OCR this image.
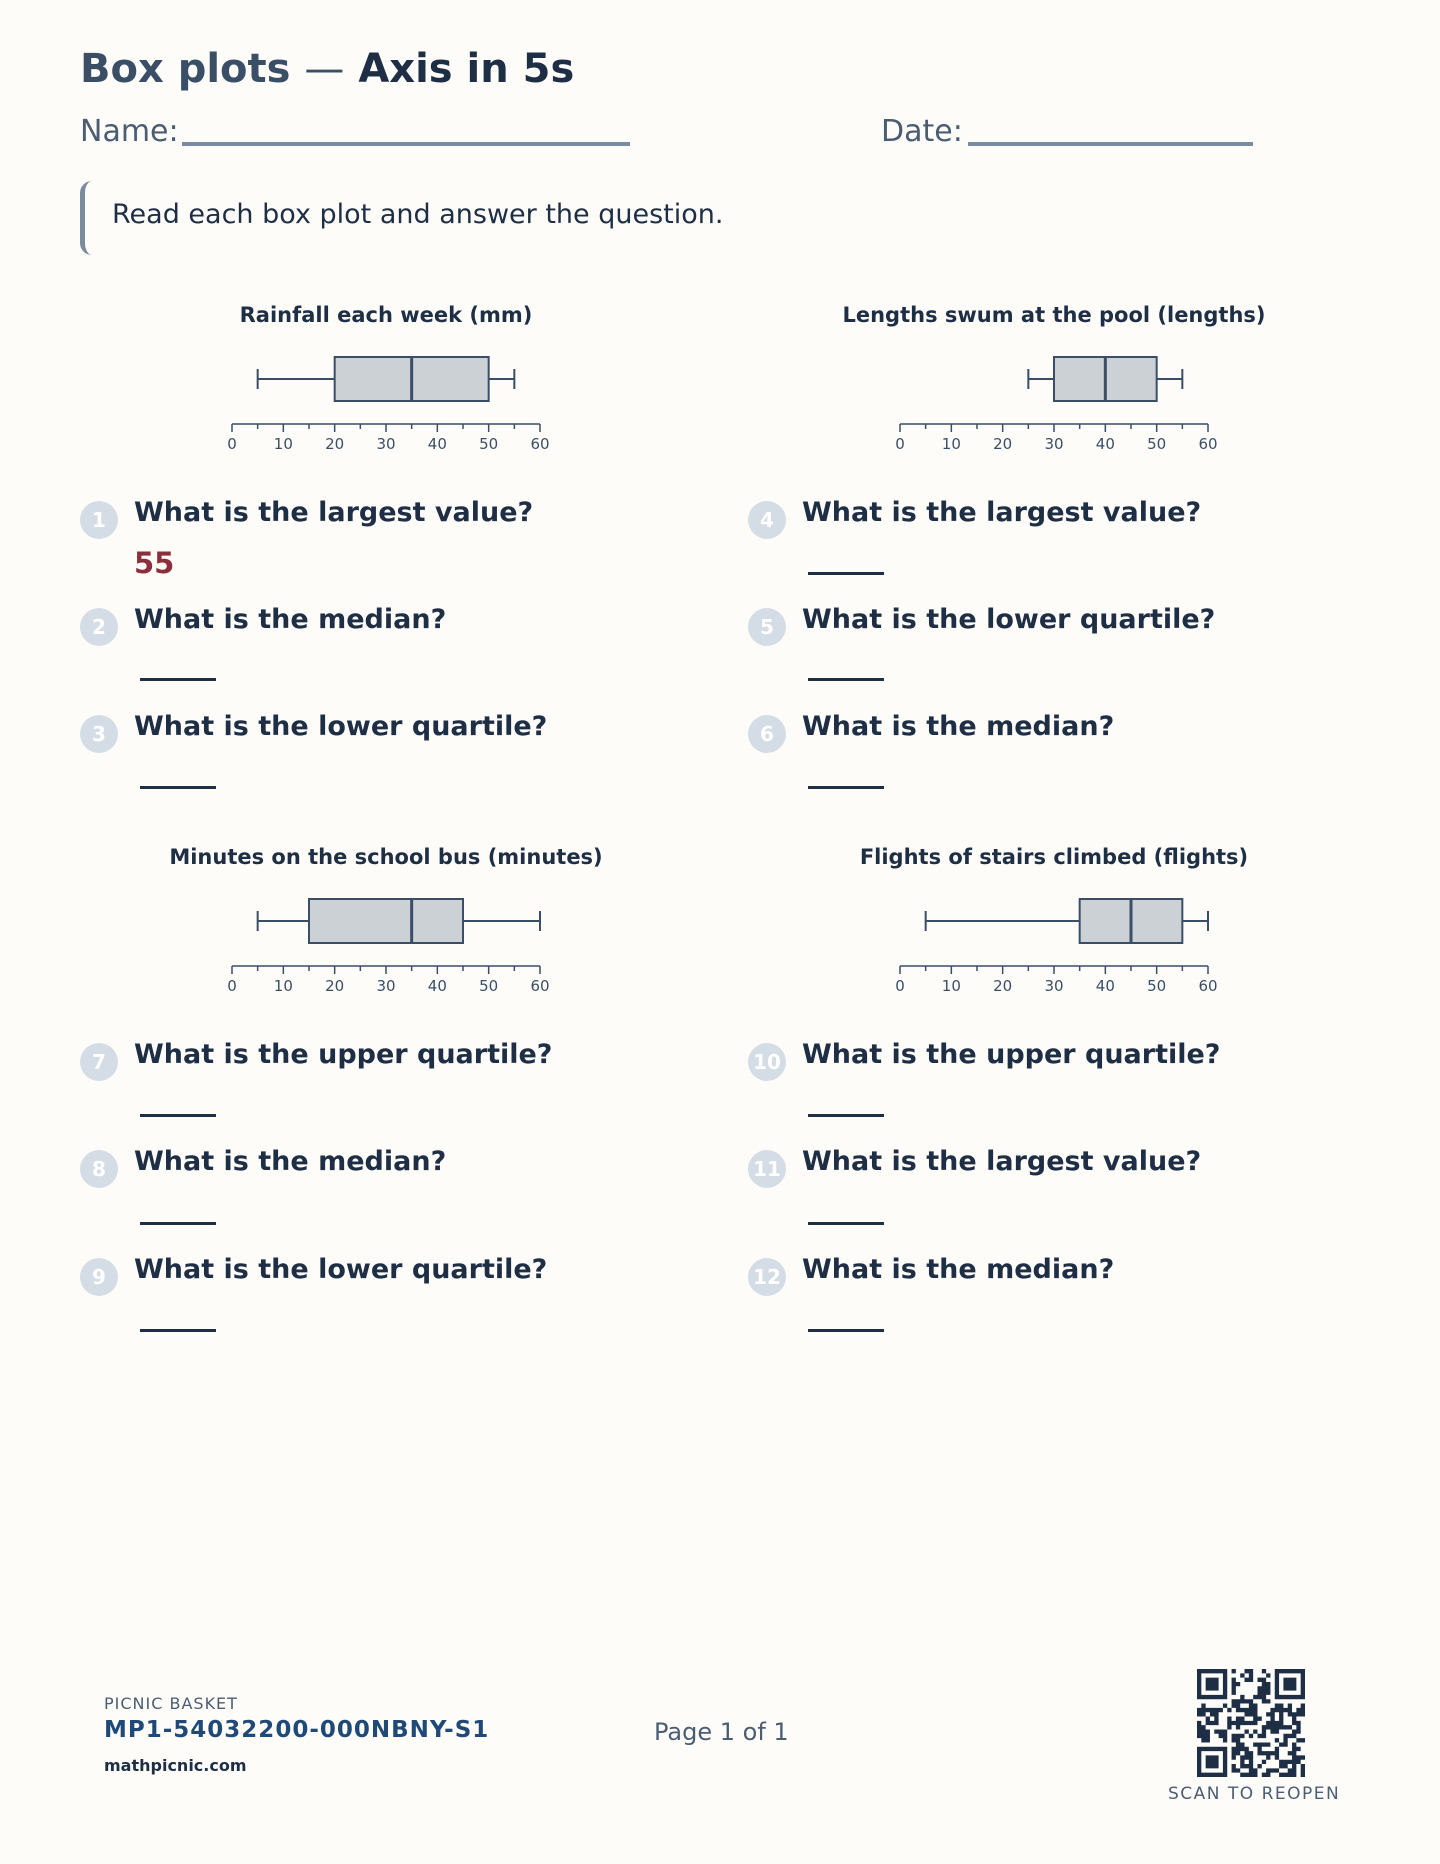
Box plots — Axis in 5s
Name:	Date:
Read each box plot and answer the question.
Rainfall each week (mm)	Lengths swum at the pool (lengths)
Minutes on the school bus (minutes)	Flights of stairs climbed (flights)
0 10 20 30 40 50 60	0 10 20 30 40 50 60
0 10 20 30 40 50 60	0 10 20 30 40 50 60
1	What is the largest value?
55
2	What is the median?
3	What is the lower quartile?
4	What is the largest value?
5	What is the lower quartile?
6	What is the median?
7	What is the upper quartile?
8	What is the median?
9	What is the lower quartile?
10 What is the upper quartile?
11 What is the largest value?
12 What is the median?
PICNIC BASKET
MP1-54032200-000NBNY-S1
mathpicnic.com
Page 1 of 1
SCAN TO REOPEN
